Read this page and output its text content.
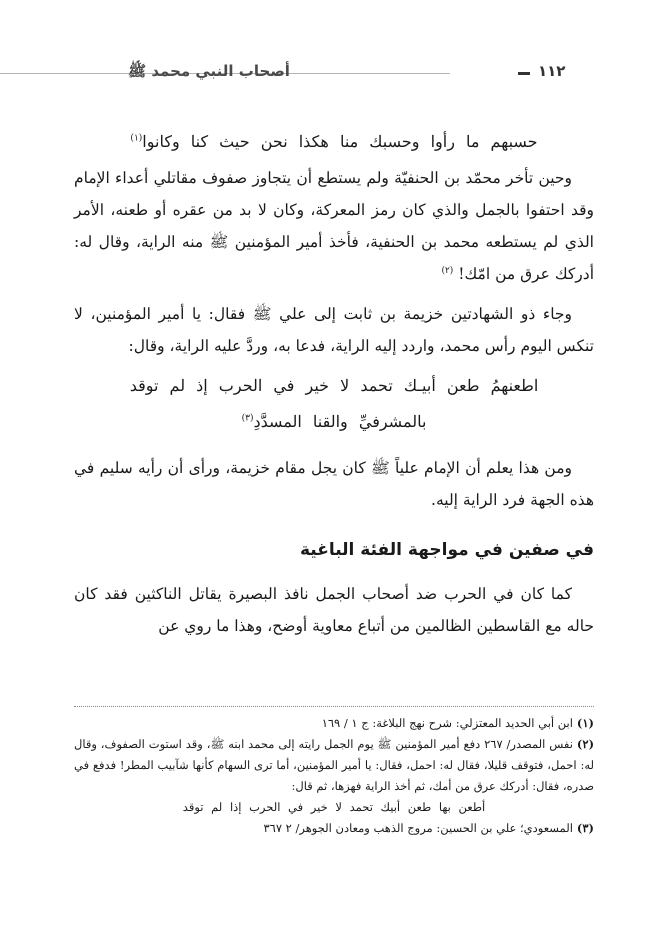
أصحاب النبي محمد ﷺ	١١٢

حسبهم ما رأوا وحسبك منا هكذا نحن حيث كنا وكانوا$^{(١)}$

وحين تأخر محمّد بن الحنفيّة ولم يستطع أن يتجاوز صفوف مقاتلي أعداء الإمام وقد احتفوا بالجمل والذي كان رمز المعركة، وكان لا بد من عقره أو طعنه، الأمر الذي لم يستطعه محمد بن الحنفية، فأخذ أمير المؤمنين ﷺ منه الراية، وقال له: أدركك عرق من امّك! $^{(٢)}$

وجاء ذو الشهادتين خزيمة بن ثابت إلى علي ﷺ فقال: يا أمير المؤمنين، لا تنكس اليوم رأس محمد، واردد إليه الراية، فدعا به، وردَّ عليه الراية، وقال:

اطعنهمُ طعن أبيـك تحمد لا خير في الحرب إذ لم توقد

بالمشرفيِّ والقنا المسدَّدِ$^{(٣)}$

ومن هذا يعلم أن الإمام علياً ﷺ كان يجل مقام خزيمة، ورأى أن رأيه سليم في هذه الجهة فرد الراية إليه.

في صفين في مواجهة الفئة الباغية

كما كان في الحرب ضد أصحاب الجمل نافذ البصيرة يقاتل الناكثين فقد كان حاله مع القاسطين الظالمين من أتباع معاوية أوضح، وهذا ما روي عن

(١)ابن أبي الحديد المعتزلي: شرح نهج البلاغة: ج ١ / ١٦٩

(٢)نفس المصدر/ ٢٦٧ دفع أمير المؤمنين ﷺ يوم الجمل رايته إلى محمد ابنه ﷺ، وقد استوت الصفوف، وقال له: احمل، فتوقف قليلا، فقال له: احمل، فقال: يا أمير المؤمنين، أما ترى السهام كأنها شآبيب المطر! فدفع في صدره، فقال: أدركك عرق من أمك، ثم أخذ الراية فهزها، ثم قال:

أطعن بها طعن أبيك تحمد لا خير في الحرب إذا لم توقد

(٣)المسعودي؛ علي بن الحسين: مروج الذهب ومعادن الجوهر/ ٢ ٣٦٧
